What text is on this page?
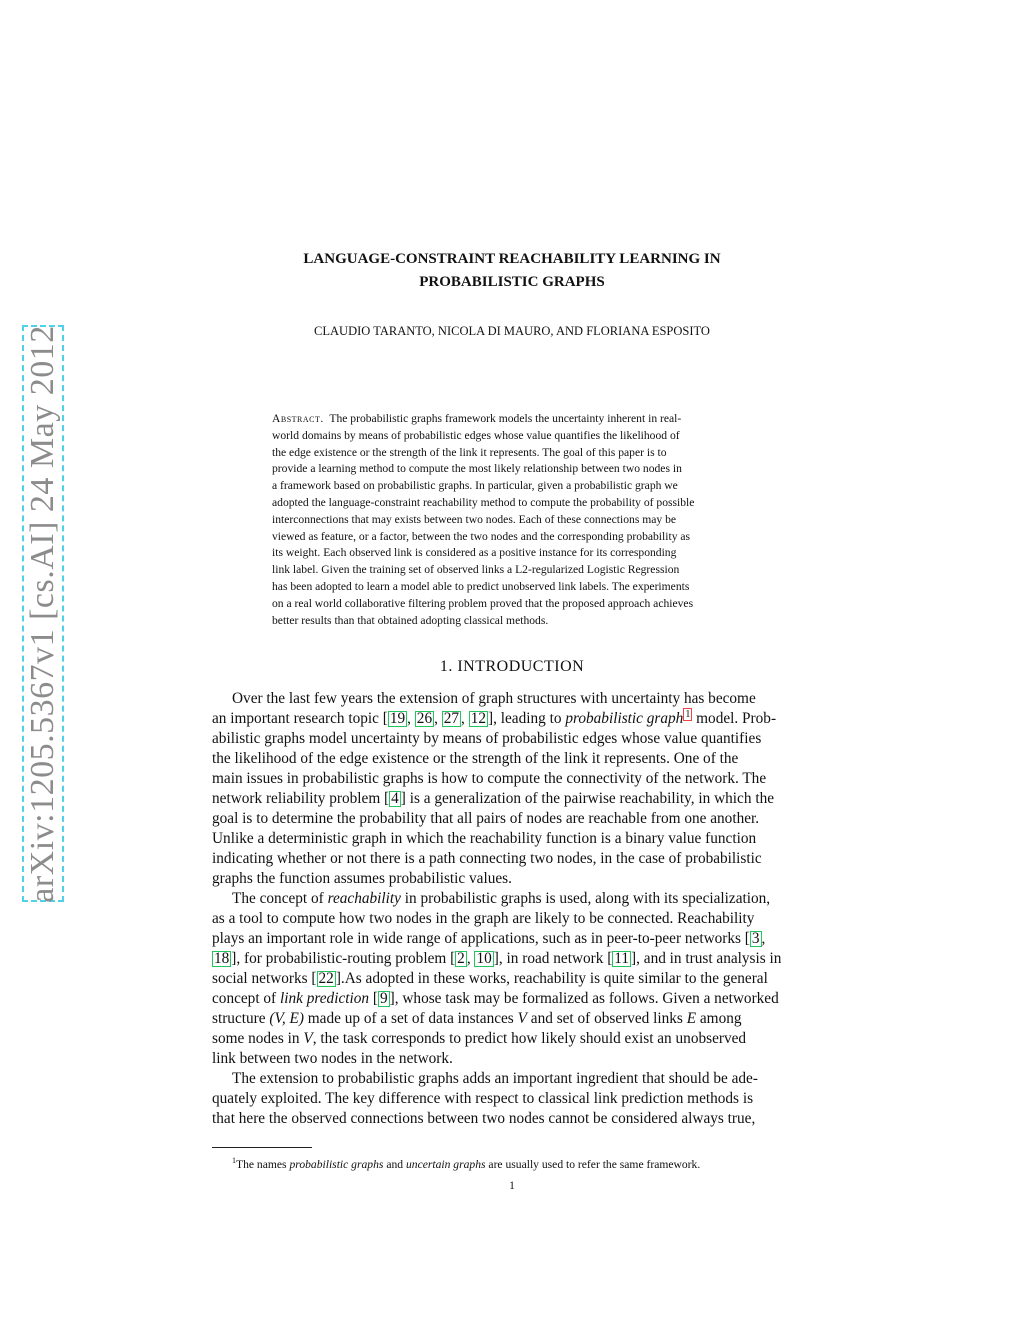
arXiv:1205.5367v1 [cs.AI] 24 May 2012
LANGUAGE-CONSTRAINT REACHABILITY LEARNING IN
PROBABILISTIC GRAPHS
CLAUDIO TARANTO, NICOLA DI MAURO, AND FLORIANA ESPOSITO
Abstract. The probabilistic graphs framework models the uncertainty inherent in real-
world domains by means of probabilistic edges whose value quantifies the likelihood of
the edge existence or the strength of the link it represents. The goal of this paper is to
provide a learning method to compute the most likely relationship between two nodes in
a framework based on probabilistic graphs. In particular, given a probabilistic graph we
adopted the language-constraint reachability method to compute the probability of possible
interconnections that may exists between two nodes. Each of these connections may be
viewed as feature, or a factor, between the two nodes and the corresponding probability as
its weight. Each observed link is considered as a positive instance for its corresponding
link label. Given the training set of observed links a L2-regularized Logistic Regression
has been adopted to learn a model able to predict unobserved link labels. The experiments
on a real world collaborative filtering problem proved that the proposed approach achieves
better results than that obtained adopting classical methods.
1. INTRODUCTION
Over the last few years the extension of graph structures with uncertainty has become
an important research topic [ 19 , 26 , 27 , 12 ], leading to probabilistic graph $^1$ model. Prob-
abilistic graphs model uncertainty by means of probabilistic edges whose value quantifies
the likelihood of the edge existence or the strength of the link it represents. One of the
main issues in probabilistic graphs is how to compute the connectivity of the network. The
network reliability problem [ 4 ] is a generalization of the pairwise reachability, in which the
goal is to determine the probability that all pairs of nodes are reachable from one another.
Unlike a deterministic graph in which the reachability function is a binary value function
indicating whether or not there is a path connecting two nodes, in the case of probabilistic
graphs the function assumes probabilistic values.
The concept of reachability in probabilistic graphs is used, along with its specialization,
as a tool to compute how two nodes in the graph are likely to be connected. Reachability
plays an important role in wide range of applications, such as in peer-to-peer networks [ 3 ,
18 ], for probabilistic-routing problem [ 2 , 10 ], in road network [ 11 ], and in trust analysis in
social networks [ 22 ].As adopted in these works, reachability is quite similar to the general
concept of link prediction [ 9 ], whose task may be formalized as follows. Given a networked
structure (V, E) made up of a set of data instances V and set of observed links E among
some nodes in V, the task corresponds to predict how likely should exist an unobserved
link between two nodes in the network.
The extension to probabilistic graphs adds an important ingredient that should be ade-
quately exploited. The key difference with respect to classical link prediction methods is
that here the observed connections between two nodes cannot be considered always true,
$^1$The names probabilistic graphs and uncertain graphs are usually used to refer the same framework.
1
